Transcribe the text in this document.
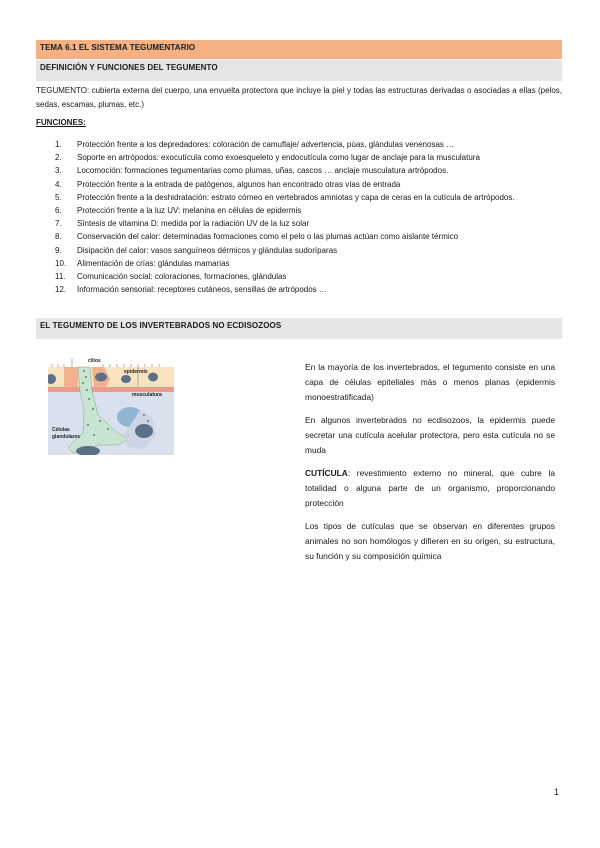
TEMA 6.1 EL SISTEMA TEGUMENTARIO
DEFINICIÓN Y FUNCIONES DEL TEGUMENTO
TEGUMENTO: cubierta externa del cuerpo, una envuelta protectora que incluye la piel y todas las estructuras derivadas o asociadas a ellas (pelos, sedas, escamas, plumas, etc.)
FUNCIONES:
1.	Protección frente a los depredadores: coloración de camuflaje/ advertencia, púas, glándulas venenosas …
2.	Soporte en artrópodos: exocutícula como exoesqueleto y endocutícula como lugar de anclaje para la musculatura
3.	Locomoción: formaciones tegumentarias como plumas, uñas, cascos … anclaje musculatura artrópodos.
4.	Protección frente a la entrada de patógenos, algunos han encontrado otras vías de entrada
5.	Protección frente a la deshidratación: estrato córneo en vertebrados amniotas y capa de ceras en la cutícula de artrópodos.
6.	Protección frente a la luz UV: melanina en células de epidermis
7.	Síntesis de vitamina D: medida por la radiación UV de la luz solar
8.	Conservación del calor: determinadas formaciones como el pelo o las plumas actúan como aislante térmico
9.	Disipación del calor: vasos sanguíneos dérmicos y glándulas sudoríparas
10.	Alimentación de crías: glándulas mamarias
11.	Comunicación social: coloraciones, formaciones, glándulas
12.	Información sensorial: receptores cutáneos, sensillas de artrópodos …
EL TEGUMENTO DE LOS INVERTEBRADOS NO ECDISOZOOS
cilios
epidermis
musculatura
Células
glandulares

En la mayoría de los invertebrados, el tegumento consiste en una capa de células epiteliales más o menos planas (epidermis monoestratificada)

En algunos invertebrados no ecdisozoos, la epidermis puede secretar una cutícula acelular protectora, pero esta cutícula no se muda

CUTÍCULA: revestimiento externo no mineral, que cubre la totalidad o alguna parte de un organismo, proporcionando protección

Los tipos de cutículas que se observan en diferentes grupos animales no son homólogos y difieren en su origen, su estructura, su función y su composición química

1
